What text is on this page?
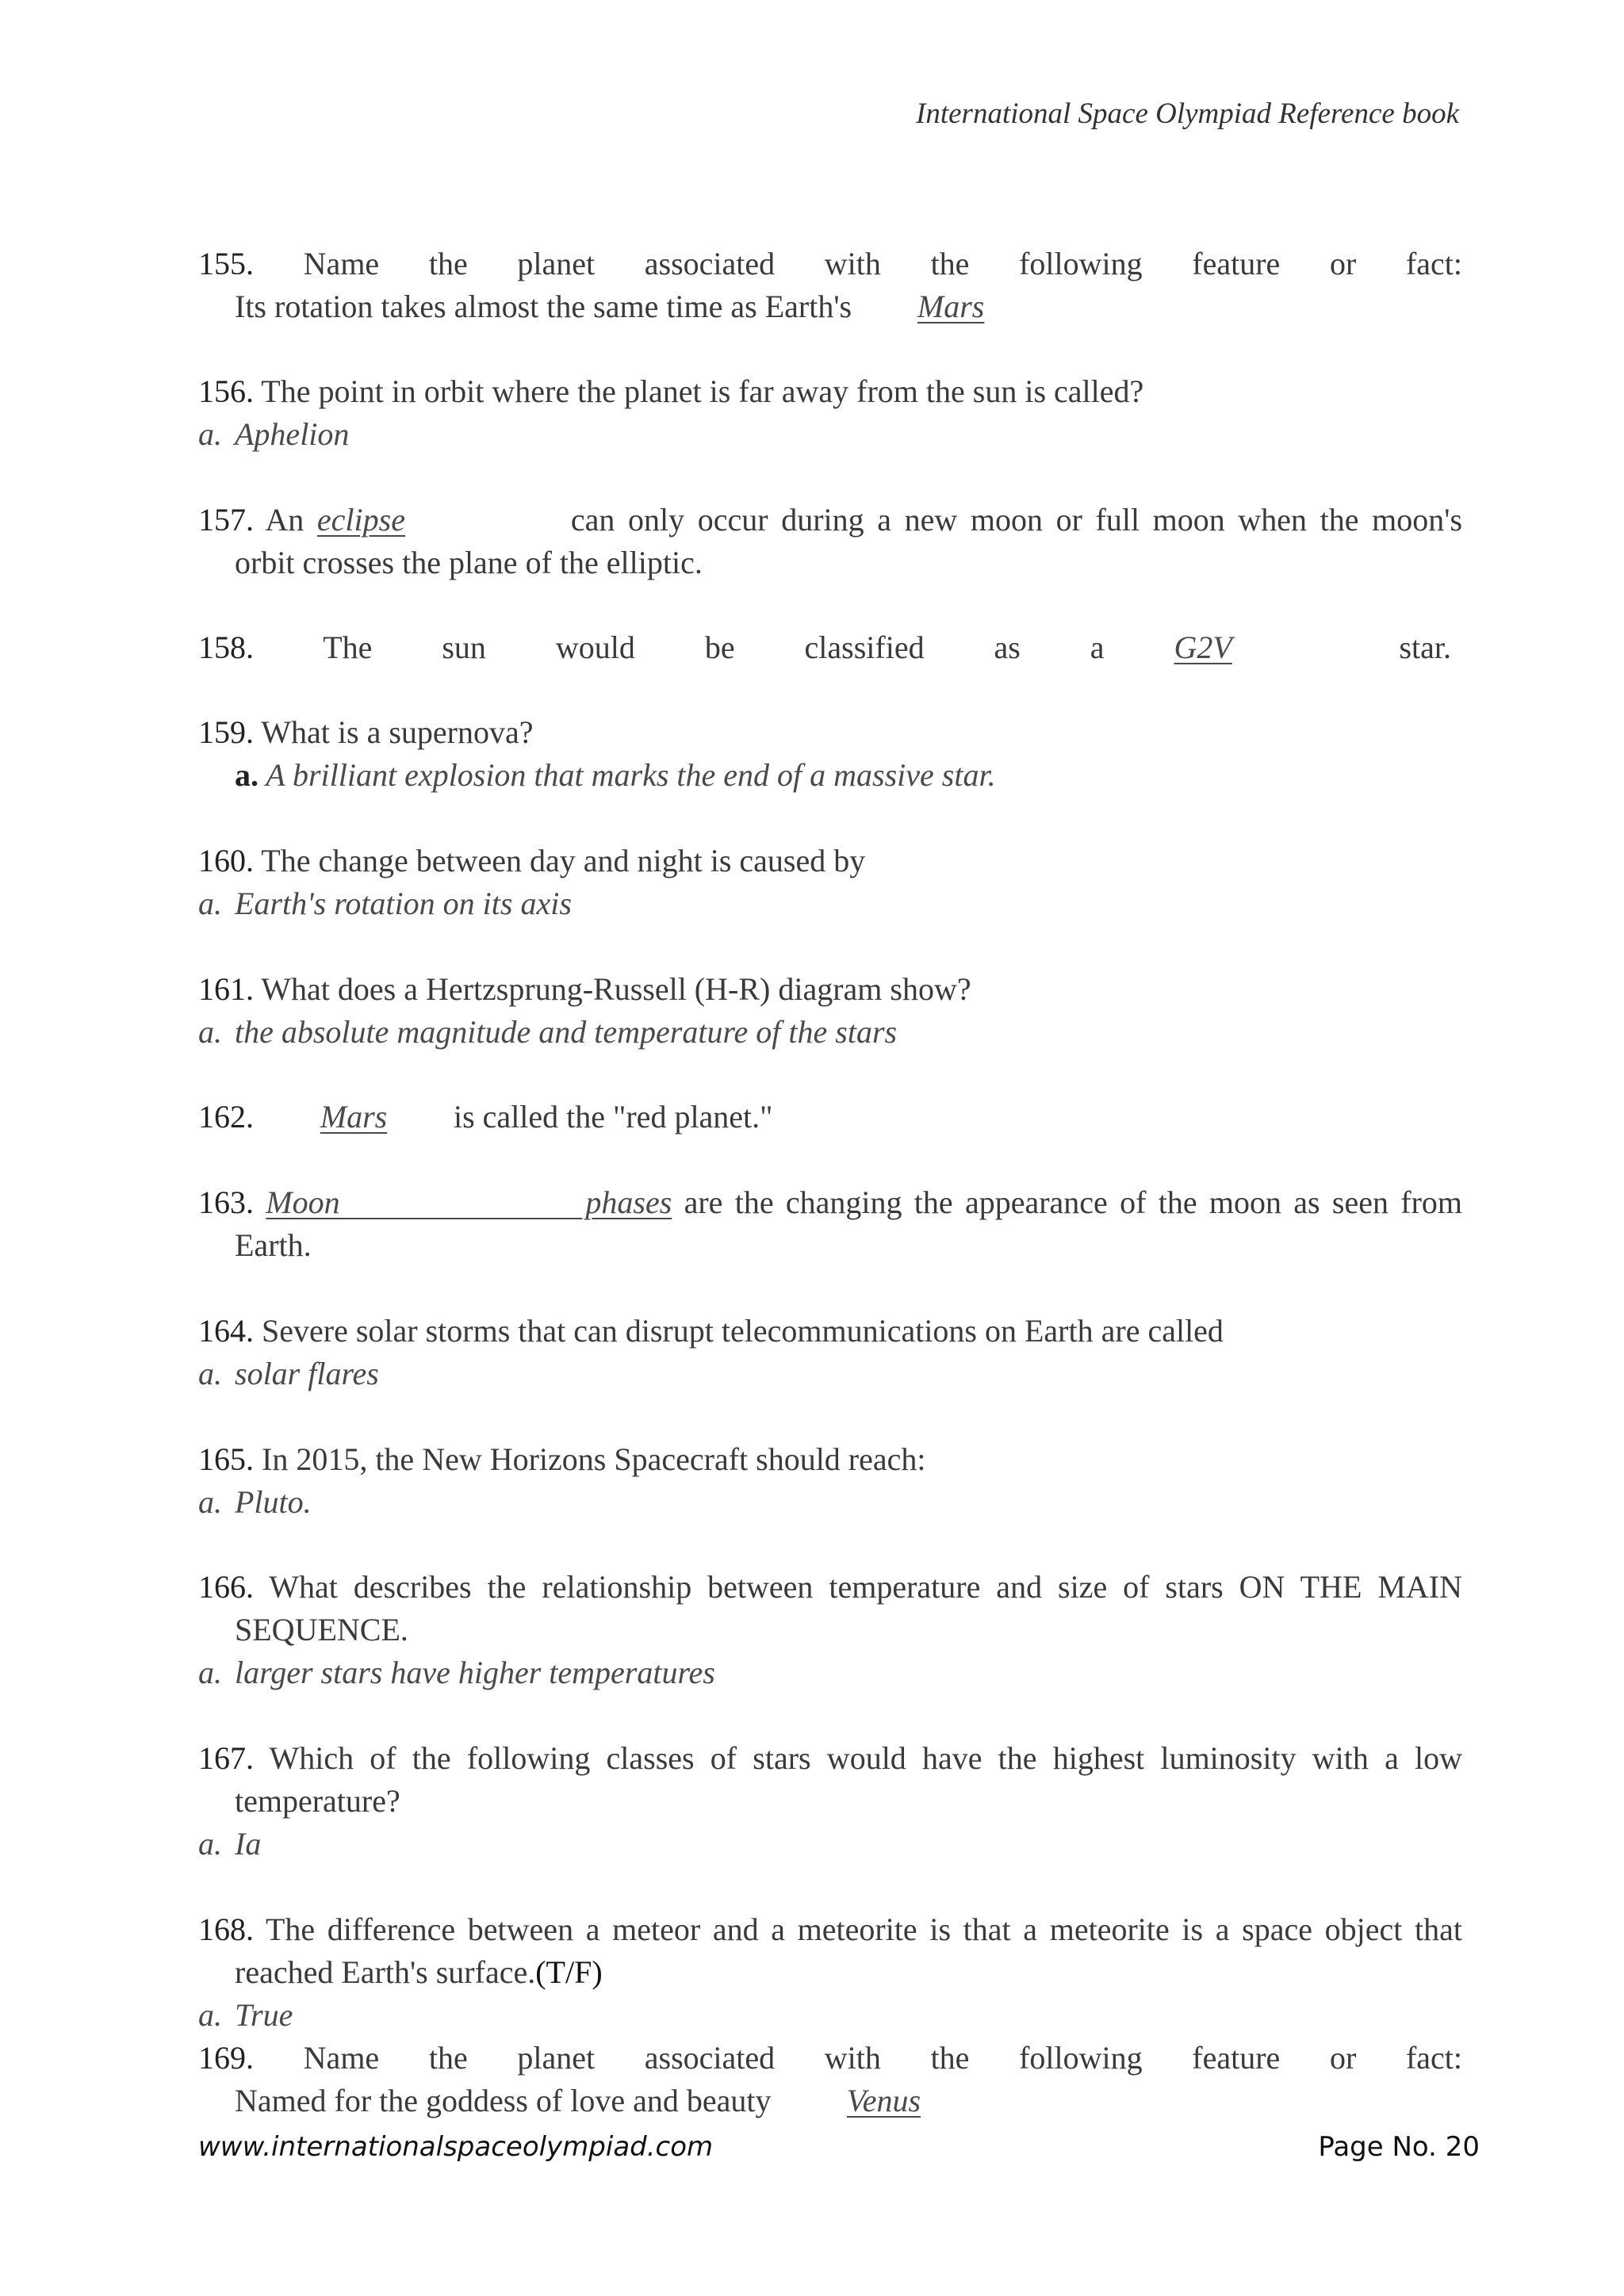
International Space Olympiad Reference book
155. Name the planet associated with the following feature or fact:
Its rotation takes almost the same time as Earth's Mars
156. The point in orbit where the planet is far away from the sun is called?
a. Aphelion
157. An eclipse	can only occur during a new moon or full moon when the moon's
orbit crosses the plane of the elliptic.
158. The sun would be classified as a G2V	star.
159. What is a supernova?
a. A brilliant explosion that marks the end of a massive star.
160. The change between day and night is caused by
a. Earth's rotation on its axis
161. What does a Hertzsprung-Russell (H-R) diagram show?
a. the absolute magnitude and temperature of the stars
162. Mars is called the "red planet."
163. Moon phases are the changing the appearance of the moon as seen from
Earth.
164. Severe solar storms that can disrupt telecommunications on Earth are called
a. solar flares
165. In 2015, the New Horizons Spacecraft should reach:
a. Pluto.
166. What describes the relationship between temperature and size of stars ON THE MAIN
SEQUENCE.
a. larger stars have higher temperatures
167. Which of the following classes of stars would have the highest luminosity with a low
temperature?
a. Ia
168. The difference between a meteor and a meteorite is that a meteorite is a space object that
reached Earth's surface.(T/F)
a. True
169. Name the planet associated with the following feature or fact:
Named for the goddess of love and beauty Venus
www.internationalspaceolympiad.com	Page No. 20
